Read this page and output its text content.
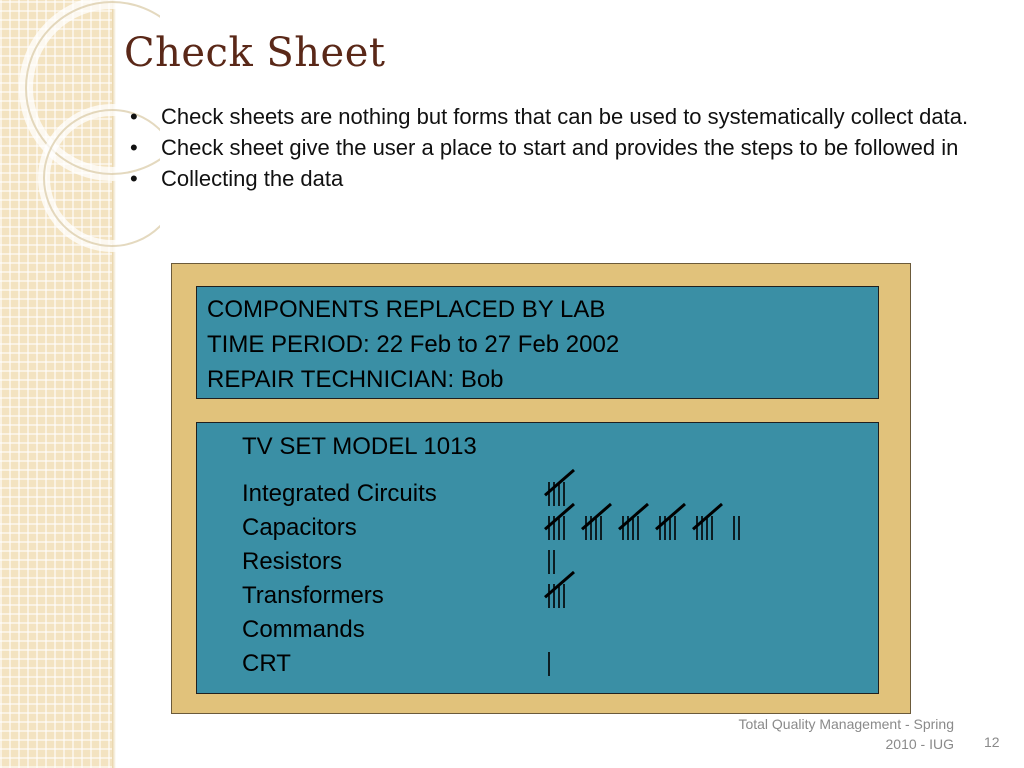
Check Sheet
• Check sheets are nothing but forms that can be used to systematically collect data.
• Check sheet give the user a place to start and provides the steps to be followed in
• Collecting the data
COMPONENTS REPLACED BY LAB
TIME PERIOD: 22 Feb to 27 Feb 2002
REPAIR TECHNICIAN: Bob
TV SET MODEL 1013
Integrated Circuits
Capacitors
Resistors
Transformers
Commands
CRT
Total Quality Management - Spring
2010 - IUG 12
